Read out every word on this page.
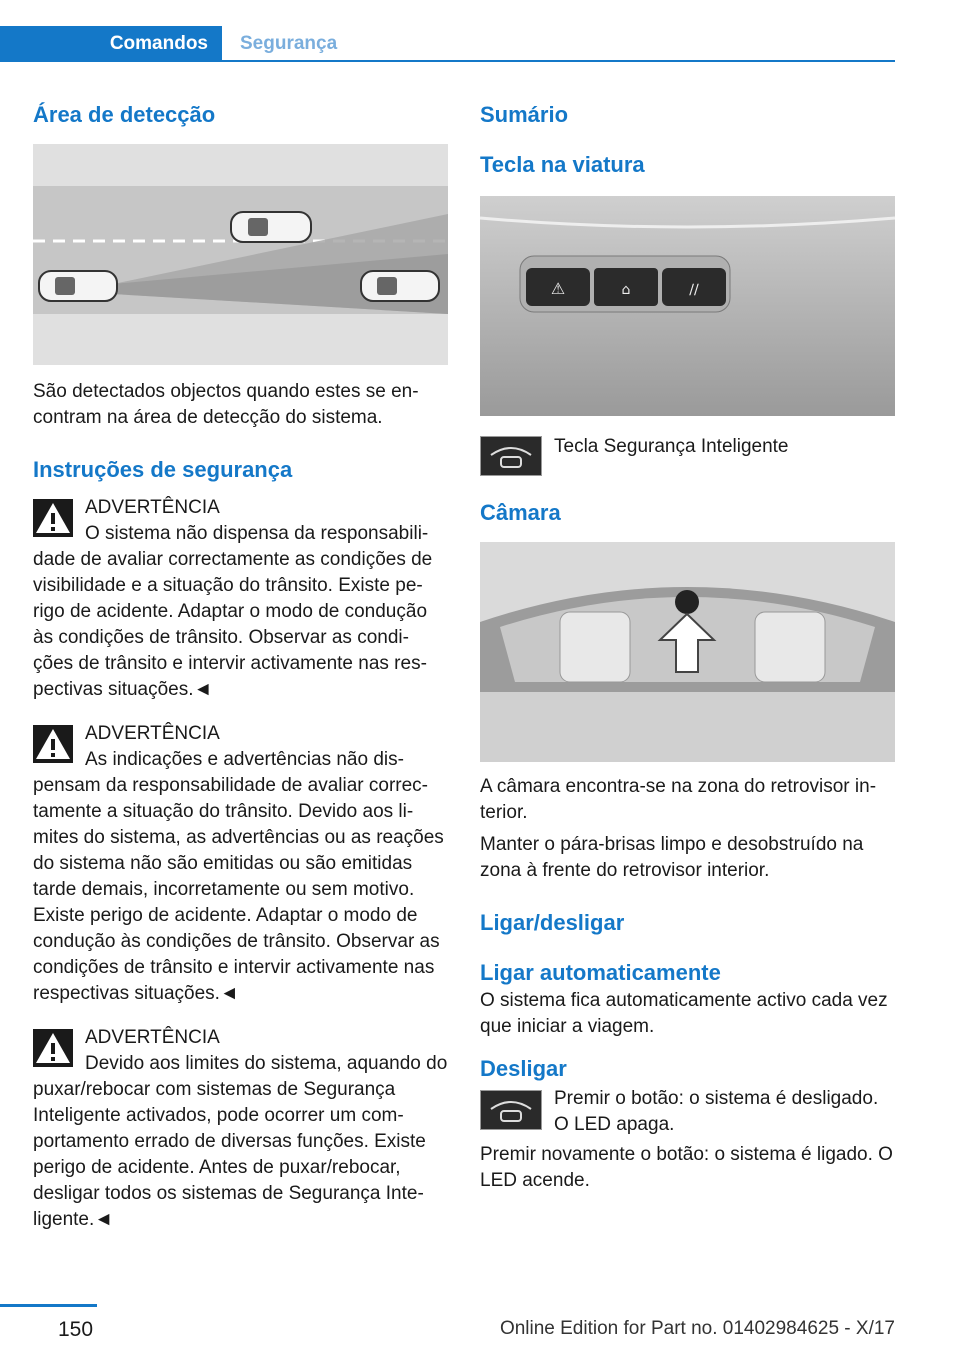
Comandos	Segurança
Área de detecção

São detectados objectos quando estes se en-contram na área de detecção do sistema.

Instruções de segurança
ADVERTÊNCIA

O sistema não dispensa da responsabili-dade de avaliar correctamente as condições de visibilidade e a situação do trânsito. Existe pe-rigo de acidente. Adaptar o modo de condução às condições de trânsito. Observar as condi-ções de trânsito e intervir activamente nas res-pectivas situações.◄

ADVERTÊNCIA

As indicações e advertências não dis-pensam da responsabilidade de avaliar correc-tamente a situação do trânsito. Devido aos li-mites do sistema, as advertências ou as reações do sistema não são emitidas ou são emitidas tarde demais, incorretamente ou sem motivo. Existe perigo de acidente. Adaptar o modo de condução às condições de trânsito. Observar as condições de trânsito e intervir activamente nas respectivas situações.◄

ADVERTÊNCIA

Devido aos limites do sistema, aquando do puxar/rebocar com sistemas de Segurança Inteligente activados, pode ocorrer um com-portamento errado de diversas funções. Existe perigo de acidente. Antes de puxar/rebocar, desligar todos os sistemas de Segurança Inte-ligente.◄

Sumário
Tecla na viatura
⚠	⌂	∕∕

Tecla Segurança Inteligente

Câmara

A câmara encontra-se na zona do retrovisor in-terior.

Manter o pára-brisas limpo e desobstruído na zona à frente do retrovisor interior.

Ligar/desligar
Ligar automaticamente

O sistema fica automaticamente activo cada vez que iniciar a viagem.

Desligar

Premir o botão: o sistema é desligado. O LED apaga.

Premir novamente o botão: o sistema é ligado. O LED acende.

150	Online Edition for Part no. 01402984625 - X/17
